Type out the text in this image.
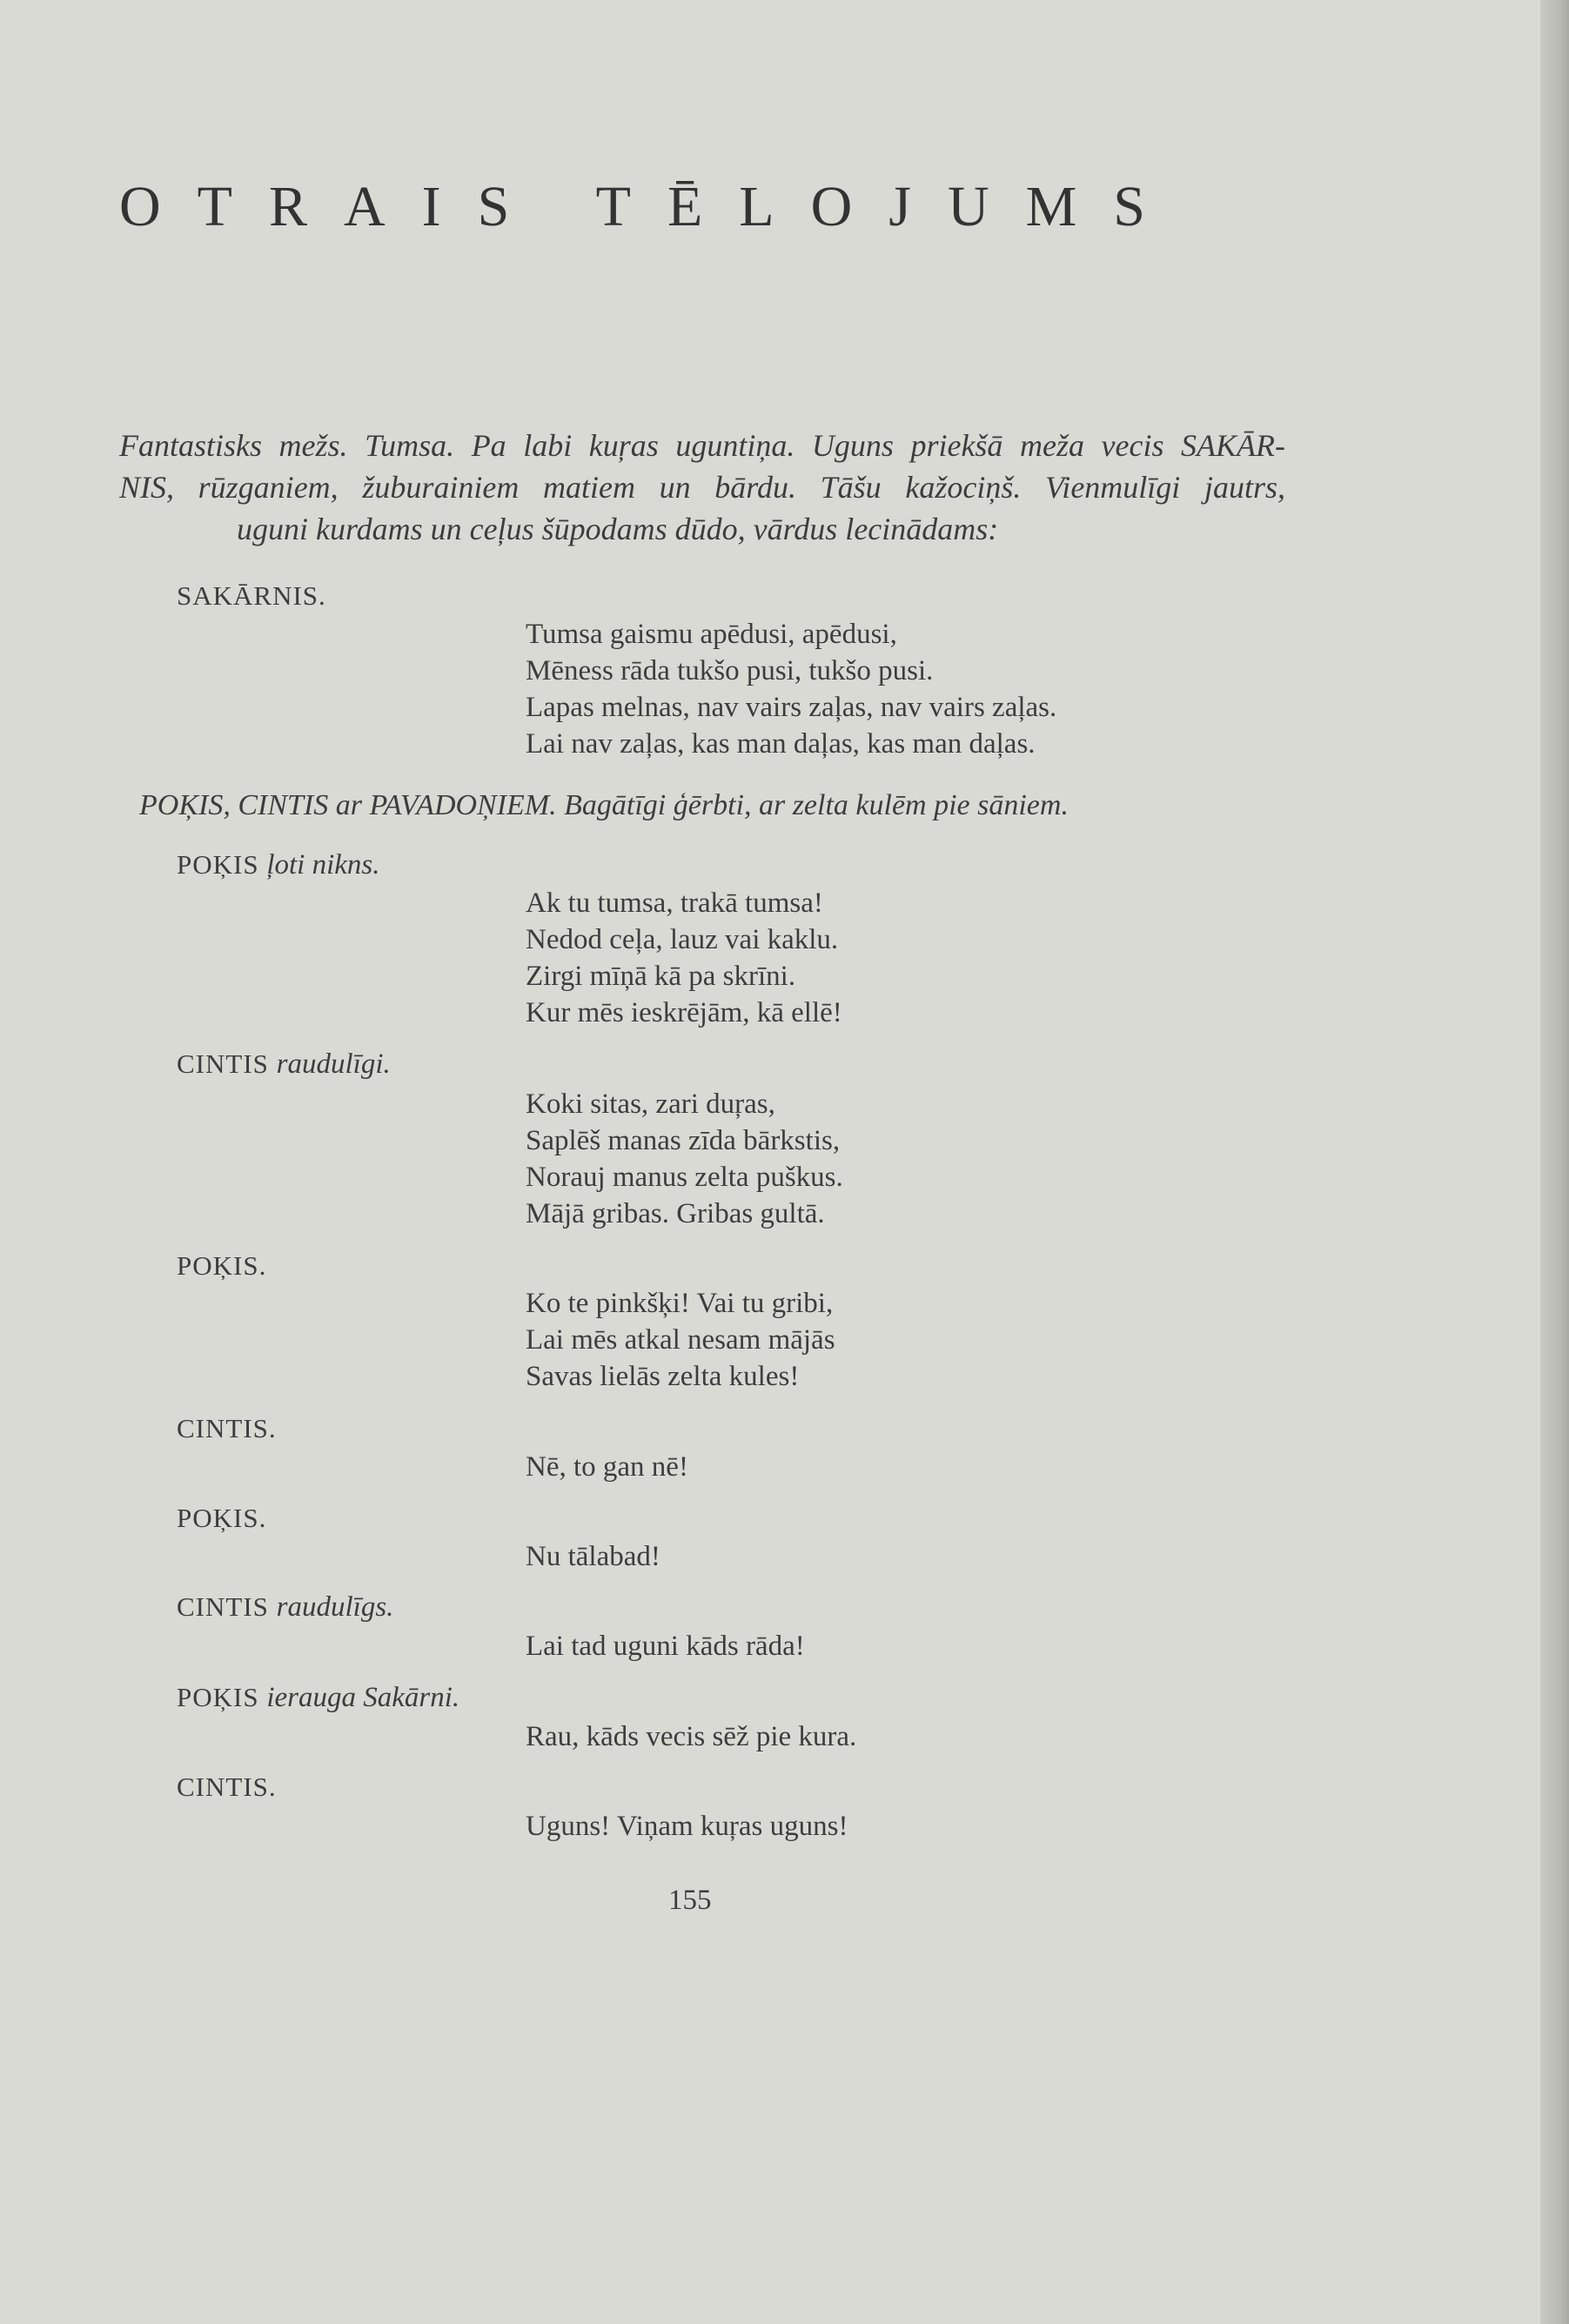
OTRAIS TĒLOJUMS
Fantastisks mežs. Tumsa. Pa labi kuŗas uguntiņa. Uguns priekšā meža vecis SAKĀR-
NIS, rūzganiem, žuburainiem matiem un bārdu. Tāšu kažociņš. Vienmulīgi jautrs,
uguni kurdams un ceļus šūpodams dūdo, vārdus lecinādams:
SAKĀRNIS.
Tumsa gaismu apēdusi, apēdusi,
Mēness rāda tukšo pusi, tukšo pusi.
Lapas melnas, nav vairs zaļas, nav vairs zaļas.
Lai nav zaļas, kas man daļas, kas man daļas.
POĶIS, CINTIS ar PAVADOŅIEM. Bagātīgi ģērbti, ar zelta kulēm pie sāniem.
POĶIS ļoti nikns.
Ak tu tumsa, trakā tumsa!
Nedod ceļa, lauz vai kaklu.
Zirgi mīņā kā pa skrīni.
Kur mēs ieskrējām, kā ellē!
CINTIS raudulīgi.
Koki sitas, zari duŗas,
Saplēš manas zīda bārkstis,
Norauj manus zelta puškus.
Mājā gribas. Gribas gultā.
POĶIS.
Ko te pinkšķi! Vai tu gribi,
Lai mēs atkal nesam mājās
Savas lielās zelta kules!
CINTIS.
Nē, to gan nē!
POĶIS.
Nu tālabad!
CINTIS raudulīgs.
Lai tad uguni kāds rāda!
POĶIS ierauga Sakārni.
Rau, kāds vecis sēž pie kura.
CINTIS.
Uguns! Viņam kuŗas uguns!
155
